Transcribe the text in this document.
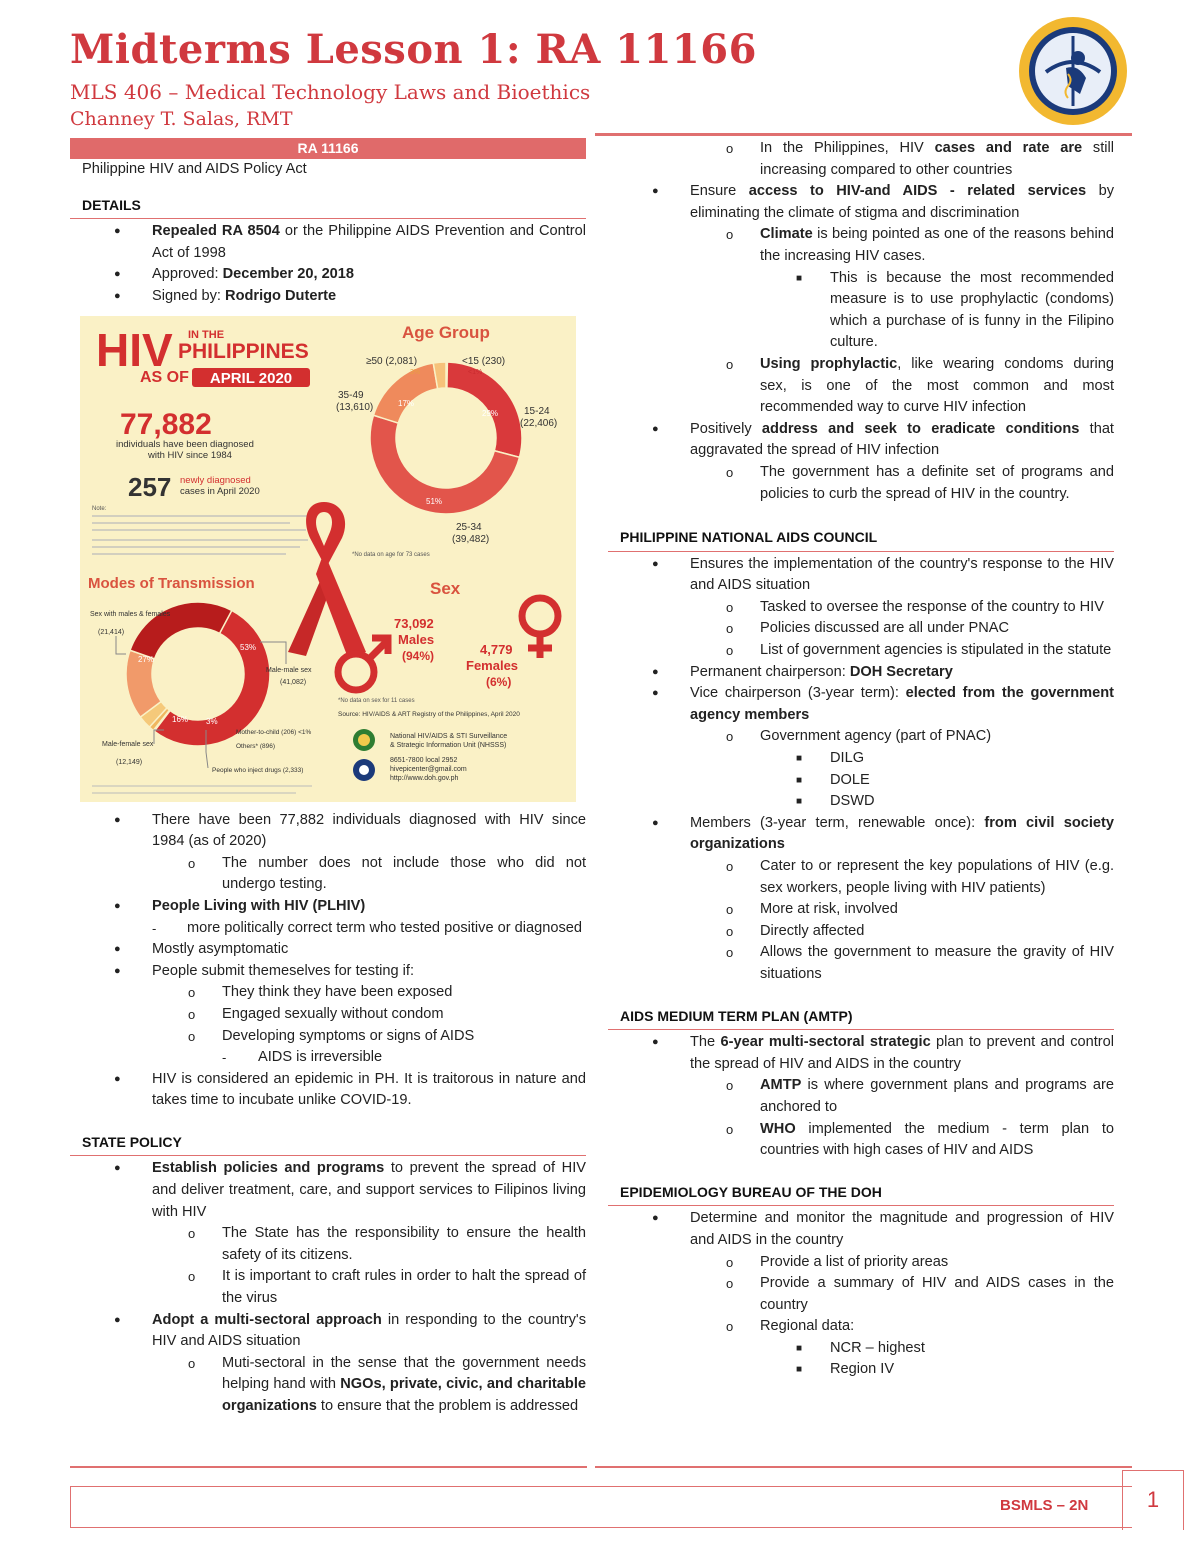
Midterms Lesson 1: RA 11166
MLS 406 – Medical Technology Laws and Bioethics
Channey T. Salas, RMT
RA 11166
Philippine HIV and AIDS Policy Act
DETAILS
● Repealed RA 8504 or the Philippine AIDS Prevention and Control Act of 1998
● Approved: December 20, 2018
● Signed by: Rodrigo Duterte
HIV IN THE
PHILIPPINES
AS OF APRIL 2020
77,882
individuals have been diagnosed
with HIV since 1984
257 newly diagnosed
cases in April 2020
Note:
Age Group
≥50 (2,081)
3%
<15 (230)
<1%
35-49
(13,610)	17%
15-24
(22,406)
29%
25-34
(39,482)
51%
*No data on age for 73 cases
Modes of Transmission
Sex with males & females
(21,414)
27%
Male-male sex
(41,082)
53%
Male-female sex
(12,149)
16% 3%
Mother-to-child (206) <1%
Others* (896)
People who inject drugs (2,333)
Sex
73,092
Males
(94%)	4,779
Females
(6%)
*No data on sex for 11 cases
Source: HIV/AIDS & ART Registry of the Philippines, April 2020
National HIV/AIDS & STI Surveillance
& Strategic Information Unit (NHSSS)
8651-7800 local 2952
hivepicenter@gmail.com
http://www.doh.gov.ph
● There have been 77,882 individuals diagnosed with HIV since 1984 (as of 2020)
o The number does not include those who did not undergo testing.
● People Living with HIV (PLHIV)
- more politically correct term who tested positive or diagnosed
● Mostly asymptomatic
● People submit themeselves for testing if:
o They think they have been exposed
o Engaged sexually without condom
o Developing symptoms or signs of AIDS
- AIDS is irreversible
● HIV is considered an epidemic in PH. It is traitorous in nature and takes time to incubate unlike COVID-19.
STATE POLICY
● Establish policies and programs to prevent the spread of HIV and deliver treatment, care, and support services to Filipinos living with HIV
o The State has the responsibility to ensure the health safety of its citizens.
o It is important to craft rules in order to halt the spread of the virus
● Adopt a multi-sectoral approach in responding to the country's HIV and AIDS situation
o Muti-sectoral in the sense that the government needs helping hand with NGOs, private, civic, and charitable organizations to ensure that the problem is addressed
o In the Philippines, HIV cases and rate are still increasing compared to other countries
● Ensure access to HIV-and AIDS - related services by eliminating the climate of stigma and discrimination
o Climate is being pointed as one of the reasons behind the increasing HIV cases.
■ This is because the most recommended measure is to use prophylactic (condoms) which a purchase of is funny in the Filipino culture.
o Using prophylactic, like wearing condoms during sex, is one of the most common and most recommended way to curve HIV infection
● Positively address and seek to eradicate conditions that aggravated the spread of HIV infection
o The government has a definite set of programs and policies to curb the spread of HIV in the country.
PHILIPPINE NATIONAL AIDS COUNCIL
● Ensures the implementation of the country's response to the HIV and AIDS situation
o Tasked to oversee the response of the country to HIV
o Policies discussed are all under PNAC
o List of government agencies is stipulated in the statute
● Permanent chairperson: DOH Secretary
● Vice chairperson (3-year term): elected from the government agency members
o Government agency (part of PNAC)
■ DILG
■ DOLE
■ DSWD
● Members (3-year term, renewable once): from civil society organizations
o Cater to or represent the key populations of HIV (e.g. sex workers, people living with HIV patients)
o More at risk, involved
o Directly affected
o Allows the government to measure the gravity of HIV situations
AIDS MEDIUM TERM PLAN (AMTP)
● The 6-year multi-sectoral strategic plan to prevent and control the spread of HIV and AIDS in the country
o AMTP is where government plans and programs are anchored to
o WHO implemented the medium - term plan to countries with high cases of HIV and AIDS
EPIDEMIOLOGY BUREAU OF THE DOH
● Determine and monitor the magnitude and progression of HIV and AIDS in the country
o Provide a list of priority areas
o Provide a summary of HIV and AIDS cases in the country
o Regional data:
■ NCR – highest
■ Region IV
BSMLS – 2N	1
